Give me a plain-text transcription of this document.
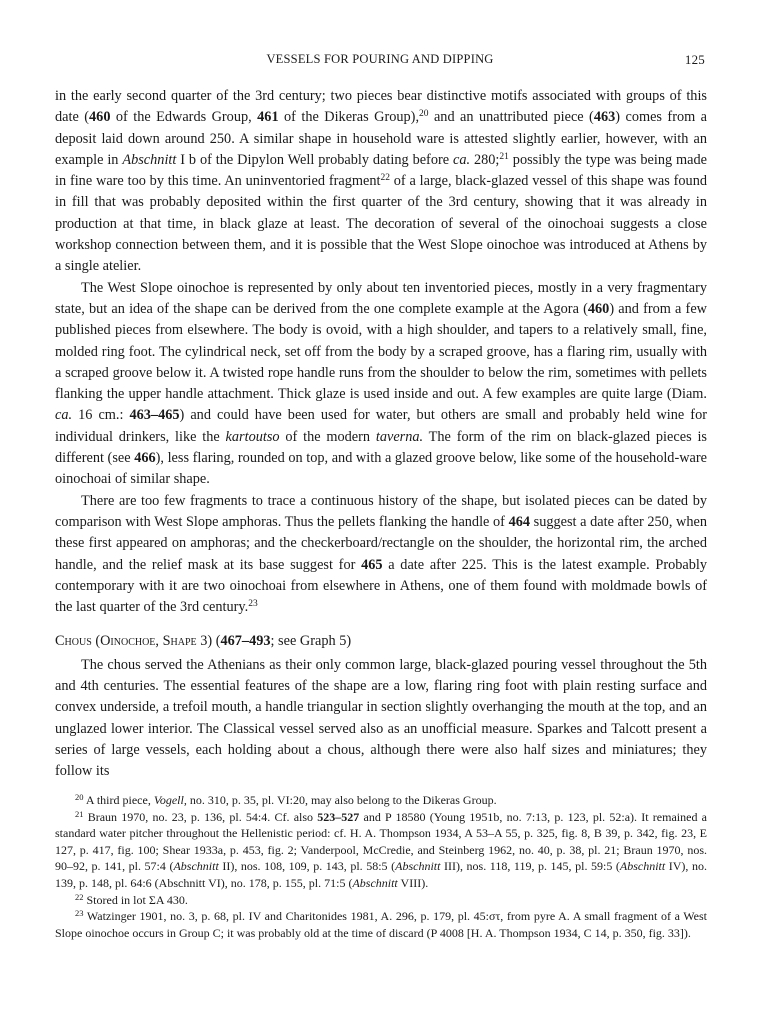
VESSELS FOR POURING AND DIPPING	125

in the early second quarter of the 3rd century; two pieces bear distinctive motifs associated with groups of this date (460 of the Edwards Group, 461 of the Dikeras Group),$^{20}$ and an unattributed piece (463) comes from a deposit laid down around 250. A similar shape in household ware is attested slightly earlier, however, with an example in Abschnitt I b of the Dipylon Well probably dating before ca. 280;$^{21}$ possibly the type was being made in fine ware too by this time. An uninventoried fragment$^{22}$ of a large, black-glazed vessel of this shape was found in fill that was probably deposited within the first quarter of the 3rd century, showing that it was already in production at that time, in black glaze at least. The decoration of several of the oinochoai suggests a close workshop connection between them, and it is possible that the West Slope oinochoe was introduced at Athens by a single atelier.

The West Slope oinochoe is represented by only about ten inventoried pieces, mostly in a very fragmentary state, but an idea of the shape can be derived from the one complete example at the Agora (460) and from a few published pieces from elsewhere. The body is ovoid, with a high shoulder, and tapers to a relatively small, fine, molded ring foot. The cylindrical neck, set off from the body by a scraped groove, has a flaring rim, usually with a scraped groove below it. A twisted rope handle runs from the shoulder to below the rim, sometimes with pellets flanking the upper handle attachment. Thick glaze is used inside and out. A few examples are quite large (Diam. ca. 16 cm.: 463–465) and could have been used for water, but others are small and probably held wine for individual drinkers, like the kartoutso of the modern taverna. The form of the rim on black-glazed pieces is different (see 466), less flaring, rounded on top, and with a glazed groove below, like some of the household-ware oinochoai of similar shape.

There are too few fragments to trace a continuous history of the shape, but isolated pieces can be dated by comparison with West Slope amphoras. Thus the pellets flanking the handle of 464 suggest a date after 250, when these first appeared on amphoras; and the checkerboard/rectangle on the shoulder, the horizontal rim, the arched handle, and the relief mask at its base suggest for 465 a date after 225. This is the latest example. Probably contemporary with it are two oinochoai from elsewhere in Athens, one of them found with moldmade bowls of the last quarter of the 3rd century.$^{23}$

Chous (Oinochoe, Shape 3) (467–493; see Graph 5)

The chous served the Athenians as their only common large, black-glazed pouring vessel throughout the 5th and 4th centuries. The essential features of the shape are a low, flaring ring foot with plain resting surface and convex underside, a trefoil mouth, a handle triangular in section slightly overhanging the mouth at the top, and an unglazed lower interior. The Classical vessel served also as an unofficial measure. Sparkes and Talcott present a series of large vessels, each holding about a chous, although there were also half sizes and miniatures; they follow its

$^{20}$ A third piece, Vogell, no. 310, p. 35, pl. VI:20, may also belong to the Dikeras Group.

$^{21}$ Braun 1970, no. 23, p. 136, pl. 54:4. Cf. also 523–527 and P 18580 (Young 1951b, no. 7:13, p. 123, pl. 52:a). It remained a standard water pitcher throughout the Hellenistic period: cf. H. A. Thompson 1934, A 53–A 55, p. 325, fig. 8, B 39, p. 342, fig. 23, E 127, p. 417, fig. 100; Shear 1933a, p. 453, fig. 2; Vanderpool, McCredie, and Steinberg 1962, no. 40, p. 38, pl. 21; Braun 1970, nos. 90–92, p. 141, pl. 57:4 (Abschnitt II), nos. 108, 109, p. 143, pl. 58:5 (Abschnitt III), nos. 118, 119, p. 145, pl. 59:5 (Abschnitt IV), no. 139, p. 148, pl. 64:6 (Abschnitt VI), no. 178, p. 155, pl. 71:5 (Abschnitt VIII).

$^{22}$ Stored in lot ΣA 430.

$^{23}$ Watzinger 1901, no. 3, p. 68, pl. IV and Charitonides 1981, A. 296, p. 179, pl. 45:στ, from pyre A. A small fragment of a West Slope oinochoe occurs in Group C; it was probably old at the time of discard (P 4008 [H. A. Thompson 1934, C 14, p. 350, fig. 33]).
